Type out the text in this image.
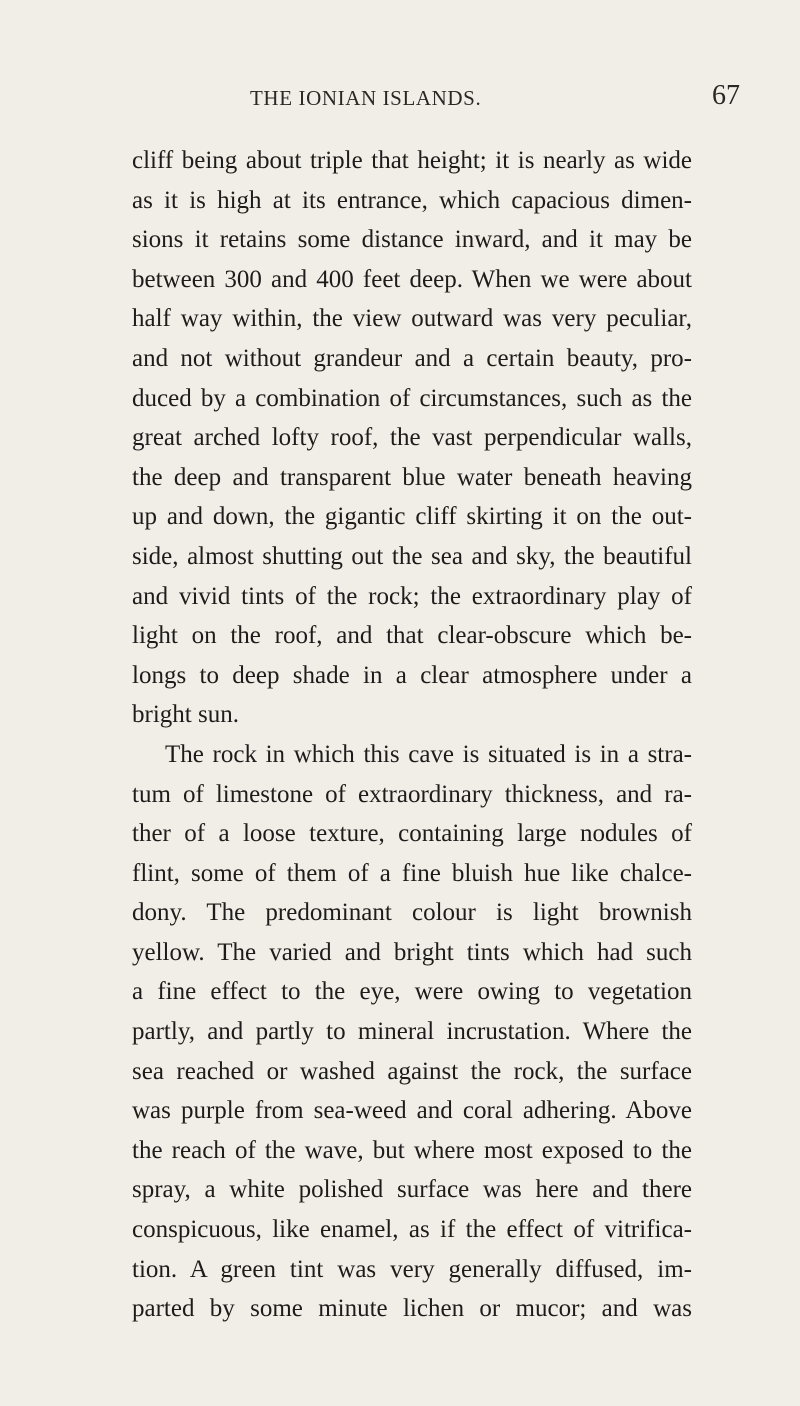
THE IONIAN ISLANDS.	67
cliff being about triple that height; it is nearly as wide
as it is high at its entrance, which capacious dimen-
sions it retains some distance inward, and it may be
between 300 and 400 feet deep. When we were about
half way within, the view outward was very peculiar,
and not without grandeur and a certain beauty, pro-
duced by a combination of circumstances, such as the
great arched lofty roof, the vast perpendicular walls,
the deep and transparent blue water beneath heaving
up and down, the gigantic cliff skirting it on the out-
side, almost shutting out the sea and sky, the beautiful
and vivid tints of the rock; the extraordinary play of
light on the roof, and that clear-obscure which be-
longs to deep shade in a clear atmosphere under a
bright sun.
The rock in which this cave is situated is in a stra-
tum of limestone of extraordinary thickness, and ra-
ther of a loose texture, containing large nodules of
flint, some of them of a fine bluish hue like chalce-
dony. The predominant colour is light brownish
yellow. The varied and bright tints which had such
a fine effect to the eye, were owing to vegetation
partly, and partly to mineral incrustation. Where the
sea reached or washed against the rock, the surface
was purple from sea-weed and coral adhering. Above
the reach of the wave, but where most exposed to the
spray, a white polished surface was here and there
conspicuous, like enamel, as if the effect of vitrifica-
tion. A green tint was very generally diffused, im-
parted by some minute lichen or mucor; and was
